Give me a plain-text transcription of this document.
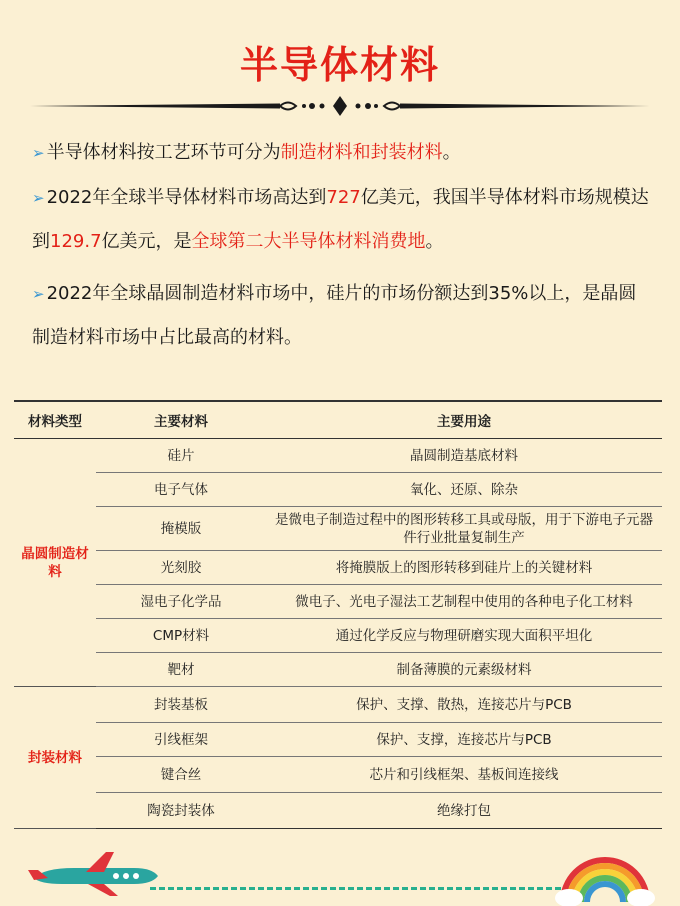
半导体材料
➢ 半导体材料按工艺环节可分为制造材料和封装材料。
➢ 2022年全球半导体材料市场高达到727亿美元，我国半导体材料市场规模达到129.7亿美元，是全球第二大半导体材料消费地。
➢ 2022年全球晶圆制造材料市场中，硅片的市场份额达到35%以上，是晶圆制造材料市场中占比最高的材料。
材料类型	主要材料	主要用途
晶圆制造材料	硅片	晶圆制造基底材料
	电子气体	氧化、还原、除杂
	掩模版	是微电子制造过程中的图形转移工具或母版，用于下游电子元器件行业批量复制生产
	光刻胶	将掩膜版上的图形转移到硅片上的关键材料
	湿电子化学品	微电子、光电子湿法工艺制程中使用的各种电子化工材料
	CMP材料	通过化学反应与物理研磨实现大面积平坦化
	靶材	制备薄膜的元素级材料
封装材料	封装基板	保护、支撑、散热，连接芯片与PCB
	引线框架	保护、支撑，连接芯片与PCB
	键合丝	芯片和引线框架、基板间连接线
	陶瓷封装体	绝缘打包
